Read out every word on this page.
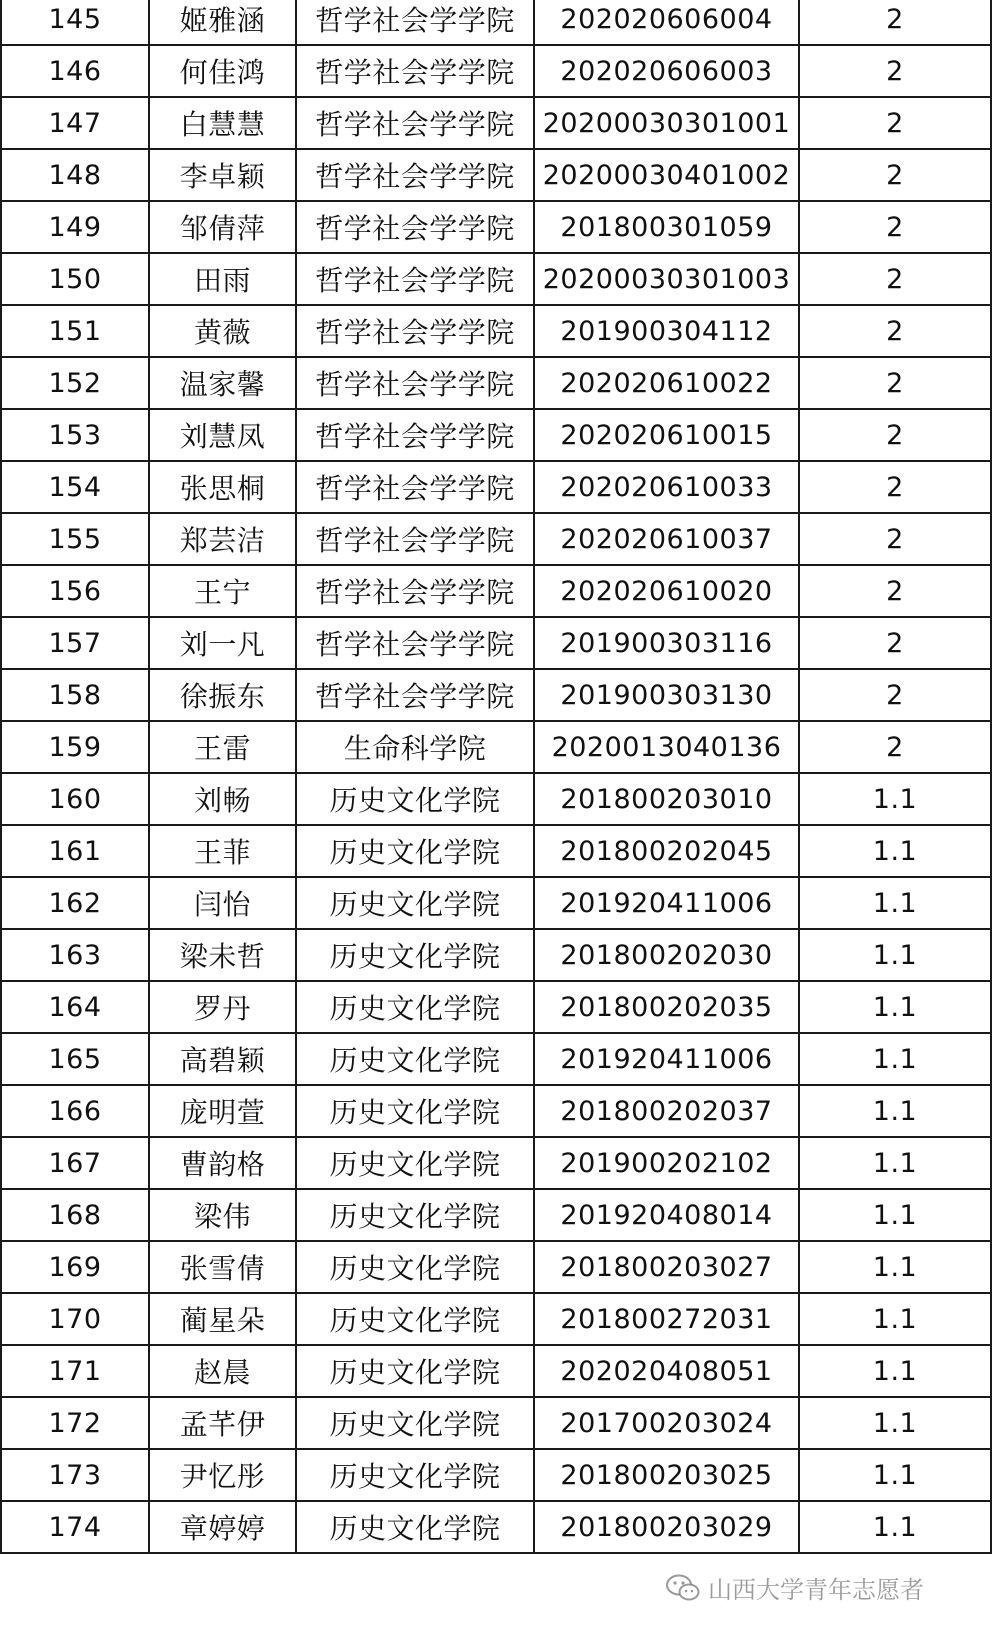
145	姬雅涵	哲学社会学学院	202020606004	2
146	何佳鸿	哲学社会学学院	202020606003	2
147	白慧慧	哲学社会学学院	20200030301001	2
148	李卓颖	哲学社会学学院	20200030401002	2
149	邹倩萍	哲学社会学学院	201800301059	2
150	田雨	哲学社会学学院	20200030301003	2
151	黄薇	哲学社会学学院	201900304112	2
152	温家馨	哲学社会学学院	202020610022	2
153	刘慧凤	哲学社会学学院	202020610015	2
154	张思桐	哲学社会学学院	202020610033	2
155	郑芸洁	哲学社会学学院	202020610037	2
156	王宁	哲学社会学学院	202020610020	2
157	刘一凡	哲学社会学学院	201900303116	2
158	徐振东	哲学社会学学院	201900303130	2
159	王雷	生命科学院	2020013040136	2
160	刘畅	历史文化学院	201800203010	1.1
161	王菲	历史文化学院	201800202045	1.1
162	闫怡	历史文化学院	201920411006	1.1
163	梁未哲	历史文化学院	201800202030	1.1
164	罗丹	历史文化学院	201800202035	1.1
165	高碧颖	历史文化学院	201920411006	1.1
166	庞明萱	历史文化学院	201800202037	1.1
167	曹韵格	历史文化学院	201900202102	1.1
168	梁伟	历史文化学院	201920408014	1.1
169	张雪倩	历史文化学院	201800203027	1.1
170	蔺星朵	历史文化学院	201800272031	1.1
171	赵晨	历史文化学院	202020408051	1.1
172	孟芊伊	历史文化学院	201700203024	1.1
173	尹忆彤	历史文化学院	201800203025	1.1
174	章婷婷	历史文化学院	201800203029	1.1
山西大学青年志愿者
